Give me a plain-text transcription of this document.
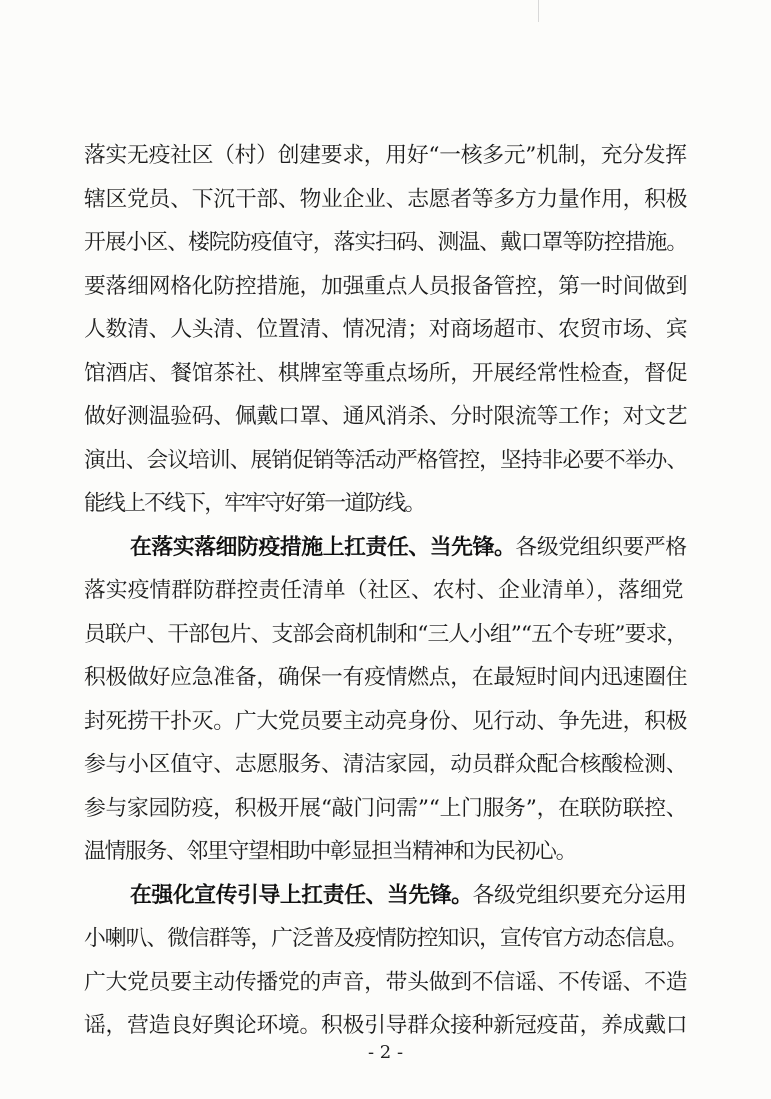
落实无疫社区（村）创建要求，用好“一核多元”机制，充分发挥
辖区党员、下沉干部、物业企业、志愿者等多方力量作用，积极
开展小区、楼院防疫值守，落实扫码、测温、戴口罩等防控措施。
要落细网格化防控措施，加强重点人员报备管控，第一时间做到
人数清、人头清、位置清、情况清；对商场超市、农贸市场、宾
馆酒店、餐馆茶社、棋牌室等重点场所，开展经常性检查，督促
做好测温验码、佩戴口罩、通风消杀、分时限流等工作；对文艺
演出、会议培训、展销促销等活动严格管控，坚持非必要不举办、
能线上不线下，牢牢守好第一道防线。
在落实落细防疫措施上扛责任、当先锋。各级党组织要严格
落实疫情群防群控责任清单（社区、农村、企业清单），落细党
员联户、干部包片、支部会商机制和“三人小组”“五个专班”要求，
积极做好应急准备，确保一有疫情燃点，在最短时间内迅速圈住
封死捞干扑灭。广大党员要主动亮身份、见行动、争先进，积极
参与小区值守、志愿服务、清洁家园，动员群众配合核酸检测、
参与家园防疫，积极开展“敲门问需”“上门服务”，在联防联控、
温情服务、邻里守望相助中彰显担当精神和为民初心。
在强化宣传引导上扛责任、当先锋。各级党组织要充分运用
小喇叭、微信群等，广泛普及疫情防控知识，宣传官方动态信息。
广大党员要主动传播党的声音，带头做到不信谣、不传谣、不造
谣，营造良好舆论环境。积极引导群众接种新冠疫苗，养成戴口
- 2 -
